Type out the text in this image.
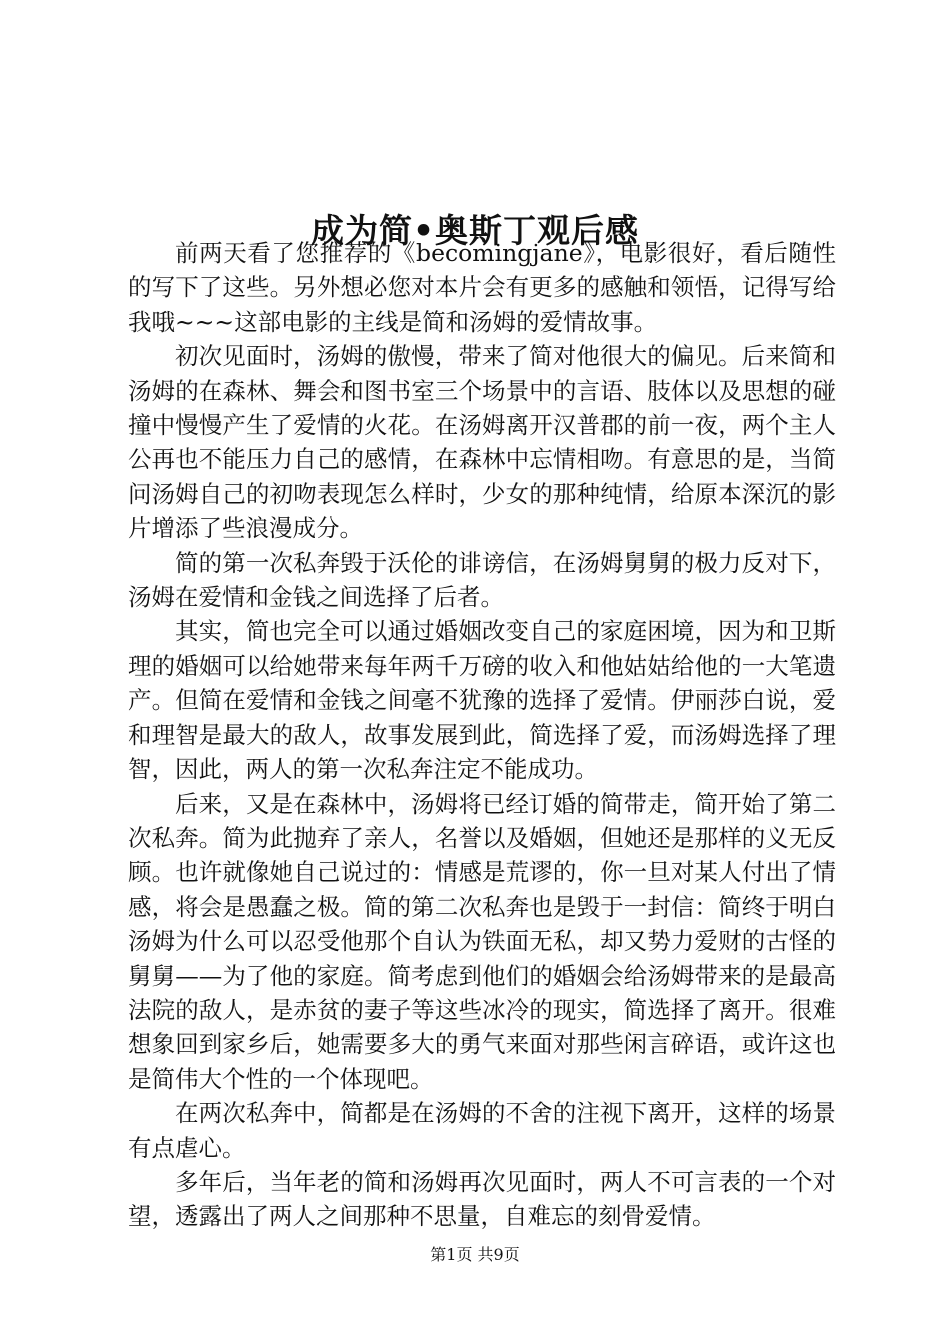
成为简•奥斯丁观后感

前两天看了您推荐的《becomingjane》，电影很好，看后随性的写下了这些。另外想必您对本片会有更多的感触和领悟，记得写给我哦~~~这部电影的主线是简和汤姆的爱情故事。

初次见面时，汤姆的傲慢，带来了简对他很大的偏见。后来简和汤姆的在森林、舞会和图书室三个场景中的言语、肢体以及思想的碰撞中慢慢产生了爱情的火花。在汤姆离开汉普郡的前一夜，两个主人公再也不能压力自己的感情，在森林中忘情相吻。有意思的是，当简问汤姆自己的初吻表现怎么样时，少女的那种纯情，给原本深沉的影片增添了些浪漫成分。

简的第一次私奔毁于沃伦的诽谤信，在汤姆舅舅的极力反对下，汤姆在爱情和金钱之间选择了后者。

其实，简也完全可以通过婚姻改变自己的家庭困境，因为和卫斯理的婚姻可以给她带来每年两千万磅的收入和他姑姑给他的一大笔遗产。但简在爱情和金钱之间毫不犹豫的选择了爱情。伊丽莎白说，爱和理智是最大的敌人，故事发展到此，简选择了爱，而汤姆选择了理智，因此，两人的第一次私奔注定不能成功。

后来，又是在森林中，汤姆将已经订婚的简带走，简开始了第二次私奔。简为此抛弃了亲人，名誉以及婚姻，但她还是那样的义无反顾。也许就像她自己说过的：情感是荒谬的，你一旦对某人付出了情感，将会是愚蠢之极。简的第二次私奔也是毁于一封信：简终于明白汤姆为什么可以忍受他那个自认为铁面无私，却又势力爱财的古怪的舅舅——为了他的家庭。简考虑到他们的婚姻会给汤姆带来的是最高法院的敌人，是赤贫的妻子等这些冰冷的现实，简选择了离开。很难想象回到家乡后，她需要多大的勇气来面对那些闲言碎语，或许这也是简伟大个性的一个体现吧。

在两次私奔中，简都是在汤姆的不舍的注视下离开，这样的场景有点虐心。

多年后，当年老的简和汤姆再次见面时，两人不可言表的一个对望，透露出了两人之间那种不思量，自难忘的刻骨爱情。

第1页 共9页
